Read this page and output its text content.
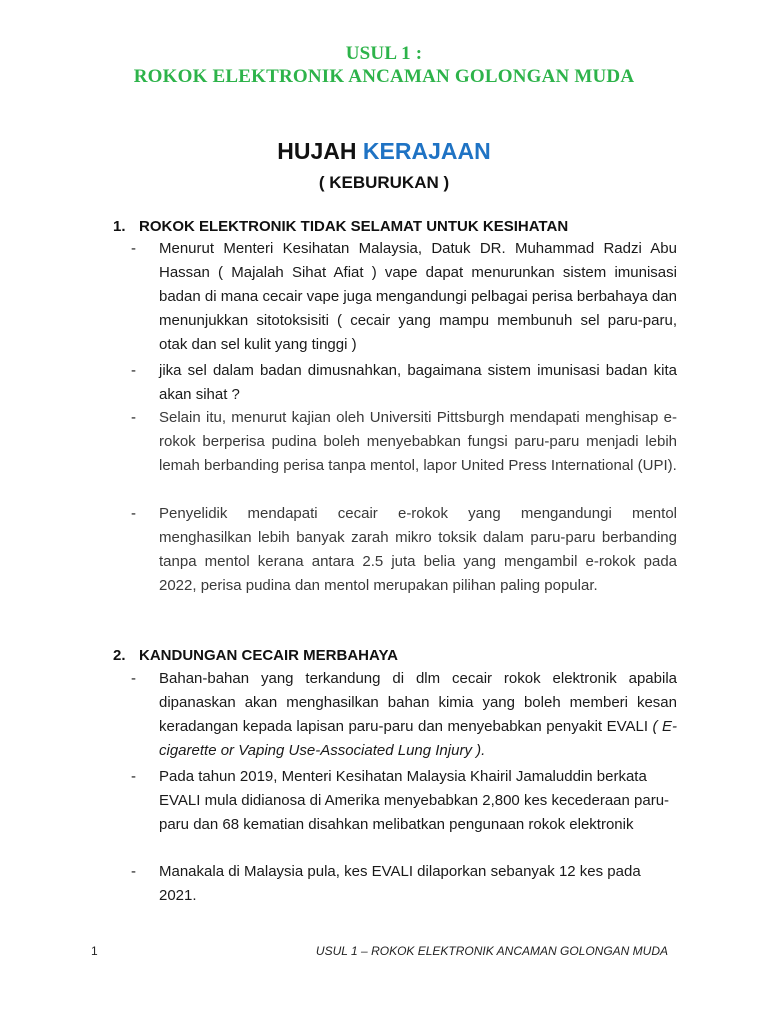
USUL 1 :
ROKOK ELEKTRONIK ANCAMAN GOLONGAN MUDA
HUJAH KERAJAAN
( KEBURUKAN )
1. ROKOK ELEKTRONIK TIDAK SELAMAT UNTUK KESIHATAN
- Menurut Menteri Kesihatan Malaysia, Datuk DR. Muhammad Radzi Abu Hassan ( Majalah Sihat Afiat ) vape dapat menurunkan sistem imunisasi badan di mana cecair vape juga mengandungi pelbagai perisa berbahaya dan menunjukkan sitotoksisiti ( cecair yang mampu membunuh sel paru-paru, otak dan sel kulit yang tinggi )
- jika sel dalam badan dimusnahkan, bagaimana sistem imunisasi badan kita akan sihat ?
- Selain itu, menurut kajian oleh Universiti Pittsburgh mendapati menghisap e-rokok berperisa pudina boleh menyebabkan fungsi paru-paru menjadi lebih lemah berbanding perisa tanpa mentol, lapor United Press International (UPI).
- Penyelidik mendapati cecair e-rokok yang mengandungi mentol menghasilkan lebih banyak zarah mikro toksik dalam paru-paru berbanding tanpa mentol kerana antara 2.5 juta belia yang mengambil e-rokok pada 2022, perisa pudina dan mentol merupakan pilihan paling popular.
2. KANDUNGAN CECAIR MERBAHAYA
- Bahan-bahan yang terkandung di dlm cecair rokok elektronik apabila dipanaskan akan menghasilkan bahan kimia yang boleh memberi kesan keradangan kepada lapisan paru-paru dan menyebabkan penyakit EVALI ( E-cigarette or Vaping Use-Associated Lung Injury ).
- Pada tahun 2019, Menteri Kesihatan Malaysia Khairil Jamaluddin berkata EVALI mula didianosa di Amerika menyebabkan 2,800 kes kecederaan paru-paru dan 68 kematian disahkan melibatkan pengunaan rokok elektronik
- Manakala di Malaysia pula, kes EVALI dilaporkan sebanyak 12 kes pada 2021.
1	USUL 1 – ROKOK ELEKTRONIK ANCAMAN GOLONGAN MUDA
